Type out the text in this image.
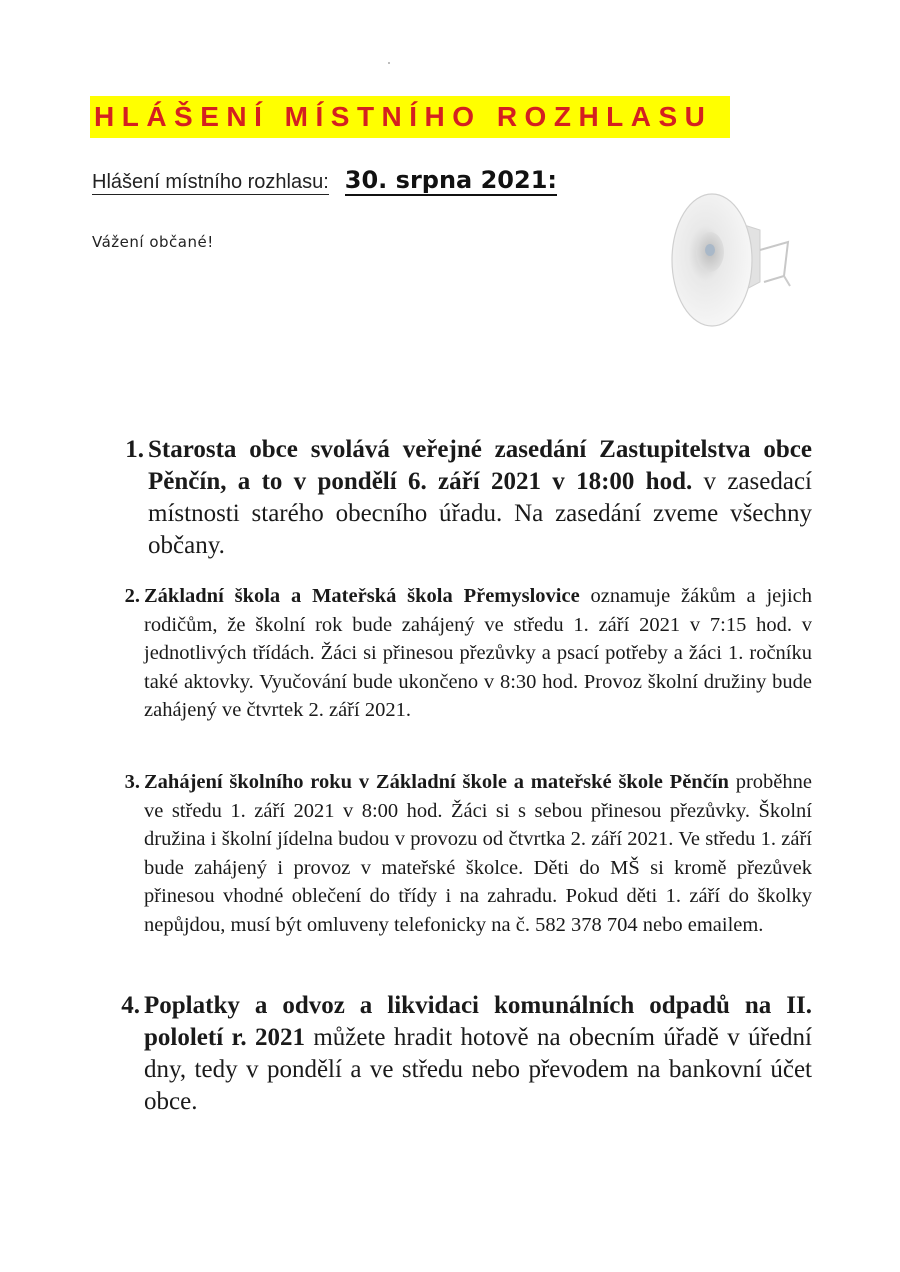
HLÁŠENÍ MÍSTNÍHO ROZHLASU
Hlášení místního rozhlasu: 30. srpna 2021:
Vážení občané!
1. Starosta obce svolává veřejné zasedání Zastupitelstva obce Pěnčín, a to v pondělí 6. září 2021 v 18:00 hod. v zasedací místnosti starého obecního úřadu. Na zasedání zveme všechny občany.
2. Základní škola a Mateřská škola Přemyslovice oznamuje žákům a jejich rodičům, že školní rok bude zahájený ve středu 1. září 2021 v 7:15 hod. v jednotlivých třídách. Žáci si přinesou přezůvky a psací potřeby a žáci 1. ročníku také aktovky. Vyučování bude ukončeno v 8:30 hod. Provoz školní družiny bude zahájený ve čtvrtek 2. září 2021.
3. Zahájení školního roku v Základní škole a mateřské škole Pěnčín proběhne ve středu 1. září 2021 v 8:00 hod. Žáci si s sebou přinesou přezůvky. Školní družina i školní jídelna budou v provozu od čtvrtka 2. září 2021. Ve středu 1. září bude zahájený i provoz v mateřské školce. Děti do MŠ si kromě přezůvek přinesou vhodné oblečení do třídy i na zahradu. Pokud děti 1. září do školky nepůjdou, musí být omluveny telefonicky na č. 582 378 704 nebo emailem.
4. Poplatky a odvoz a likvidaci komunálních odpadů na II. pololetí r. 2021 můžete hradit hotově na obecním úřadě v úřední dny, tedy v pondělí a ve středu nebo převodem na bankovní účet obce.
